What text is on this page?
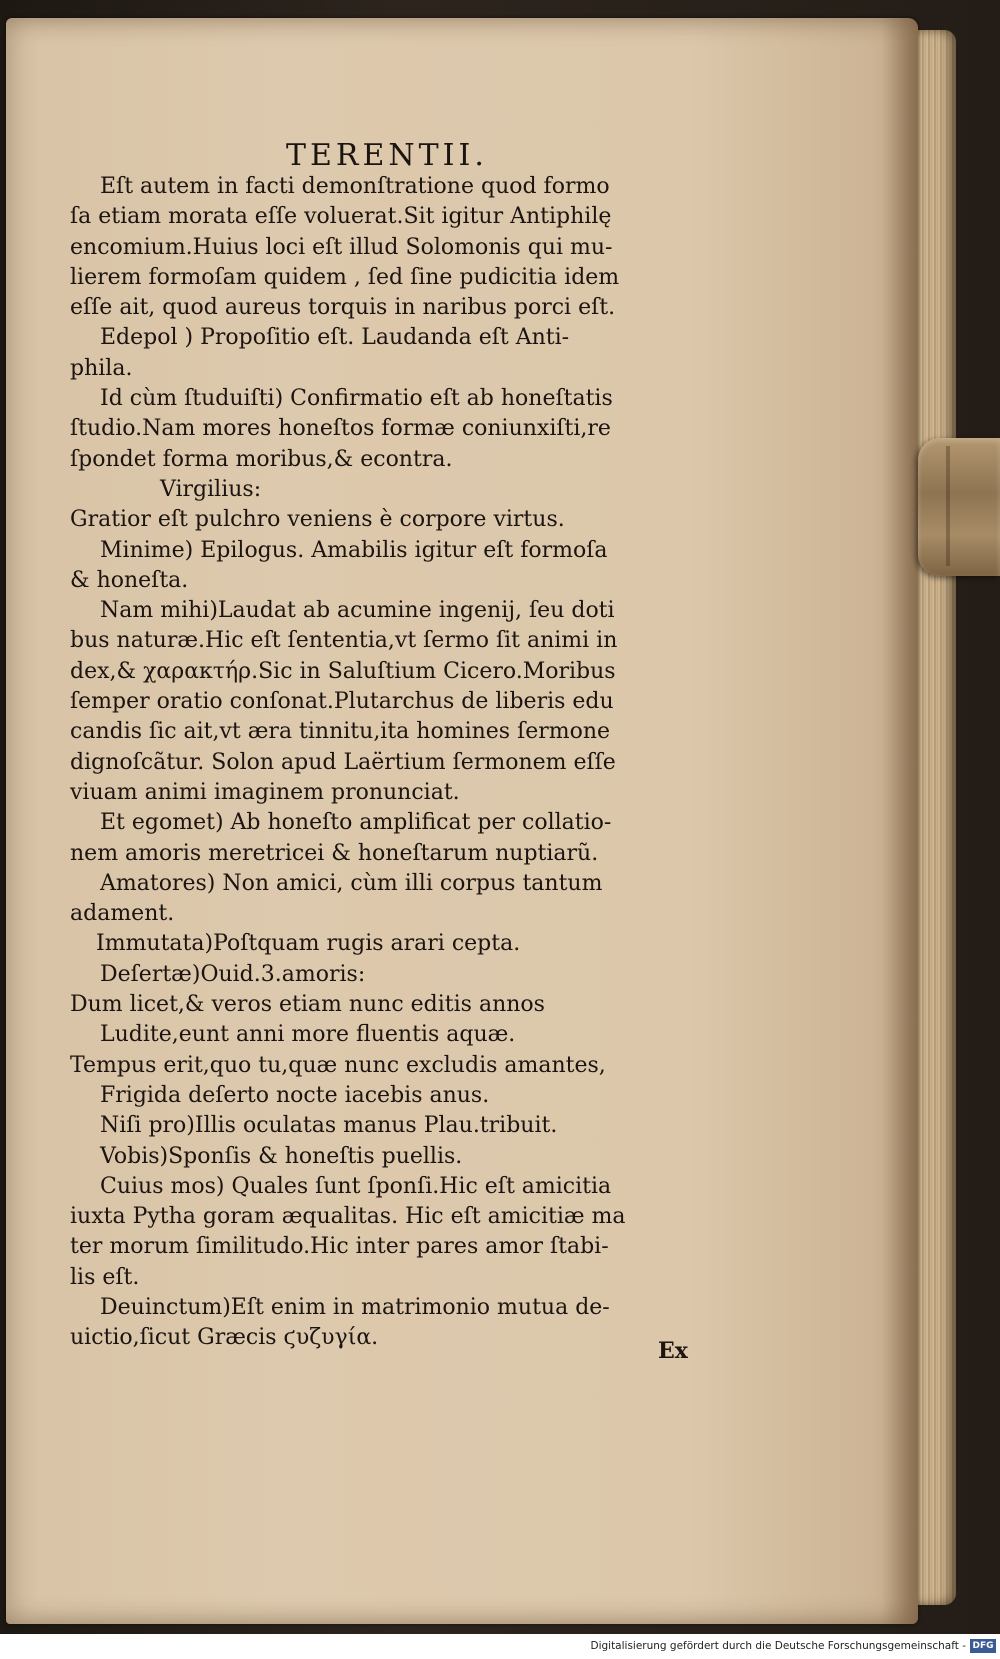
TERENTII.
Eſt autem in facti demonſtratione quod formo
ſa etiam morata eſſe voluerat.Sit igitur Antiphilę
encomium.Huius loci eſt illud Solomonis qui mu-
lierem formoſam quidem , ſed ſine pudicitia idem
eſſe ait, quod aureus torquis in naribus porci eſt.
Edepol ) Propoſitio eſt. Laudanda eſt Anti-
phila.
Id cùm ſtuduiſti) Confirmatio eſt ab honeſtatis
ſtudio.Nam mores honeſtos formæ coniunxiſti,re
ſpondet forma moribus,& econtra.
Virgilius:
Gratior eſt pulchro veniens è corpore virtus.
Minime) Epilogus. Amabilis igitur eſt formoſa
& honeſta.
Nam mihi)Laudat ab acumine ingenij, ſeu doti
bus naturæ.Hic eſt ſententia,vt ſermo ſit animi in
dex,& χαρακτήρ.Sic in Saluſtium Cicero.Moribus
ſemper oratio conſonat.Plutarchus de liberis edu
candis ſic ait,vt æra tinnitu,ita homines ſermone
dignoſcãtur. Solon apud Laërtium ſermonem eſſe
viuam animi imaginem pronunciat.
Et egomet) Ab honeſto amplificat per collatio-
nem amoris meretricei & honeſtarum nuptiarũ.
Amatores) Non amici, cùm illi corpus tantum
adament.
Immutata)Poſtquam rugis arari cepta.
Deſertæ)Ouid.3.amoris:
Dum licet,& veros etiam nunc editis annos
Ludite,eunt anni more fluentis aquæ.
Tempus erit,quo tu,quæ nunc excludis amantes,
Frigida deſerto nocte iacebis anus.
Niſi pro)Illis oculatas manus Plau.tribuit.
Vobis)Sponſis & honeſtis puellis.
Cuius mos) Quales ſunt ſponſi.Hic eſt amicitia
iuxta Pytha goram æqualitas. Hic eſt amicitiæ ma
ter morum ſimilitudo.Hic inter pares amor ſtabi-
lis eſt.
Deuinctum)Eſt enim in matrimonio mutua de-
uictio,ſicut Græcis ϛυζυγία.
Ex
Digitalisierung gefördert durch die Deutsche Forschungsgemeinschaft - DFG
